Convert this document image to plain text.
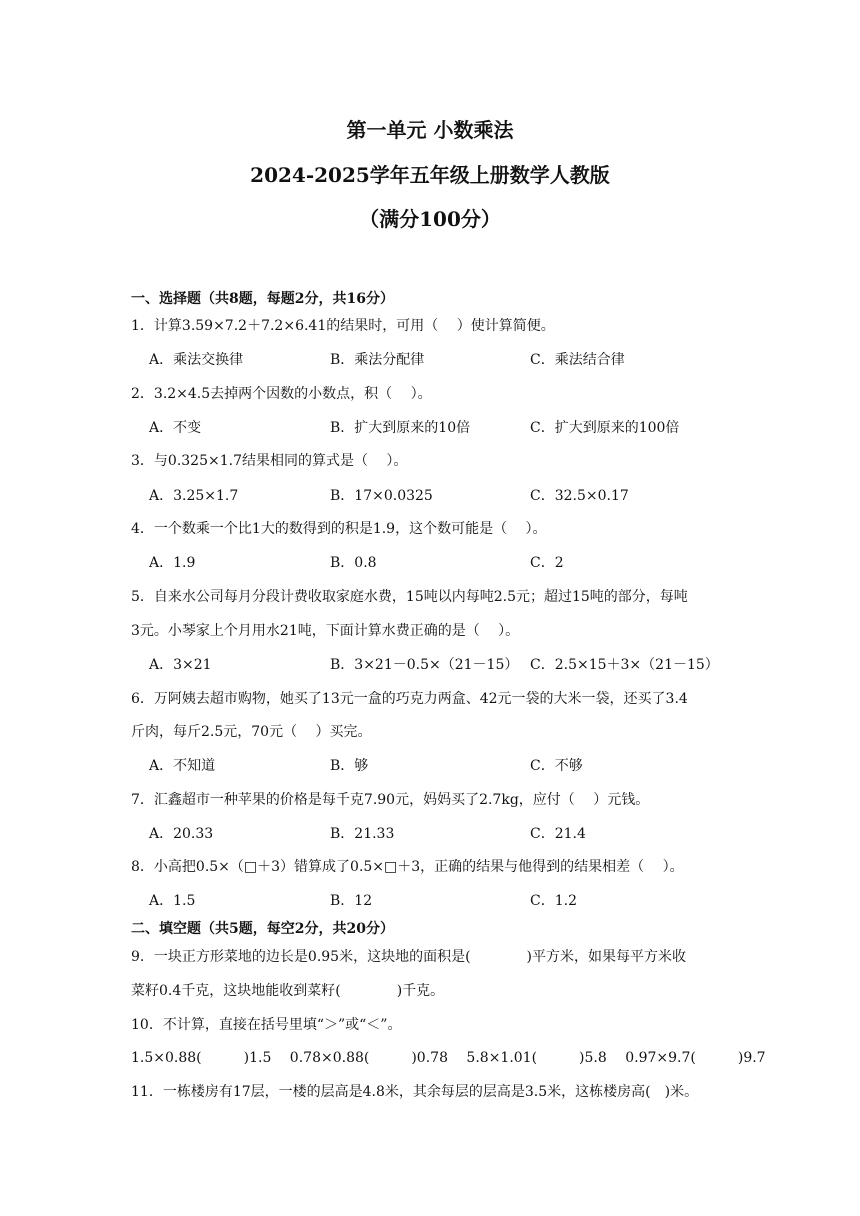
第一单元 小数乘法
2024-2025学年五年级上册数学人教版
（满分100分）
一、选择题（共8题，每题2分，共16分）
1．计算3.59×7.2＋7.2×6.41的结果时，可用（　 ）使计算简便。
A．乘法交换律	B．乘法分配律	C．乘法结合律
2．3.2×4.5去掉两个因数的小数点，积（　 ）。
A．不变	B．扩大到原来的10倍	C．扩大到原来的100倍
3．与0.325×1.7结果相同的算式是（　 ）。
A．3.25×1.7	B．17×0.0325	C．32.5×0.17
4．一个数乘一个比1大的数得到的积是1.9，这个数可能是（　 ）。
A．1.9	B．0.8	C．2
5．自来水公司每月分段计费收取家庭水费，15吨以内每吨2.5元；超过15吨的部分，每吨
3元。小琴家上个月用水21吨，下面计算水费正确的是（　 ）。
A．3×21	B．3×21－0.5×（21－15） C．2.5×15＋3×（21－15）
6．万阿姨去超市购物，她买了13元一盒的巧克力两盒、42元一袋的大米一袋，还买了3.4
斤肉，每斤2.5元，70元（　 ）买完。
A．不知道	B．够	C．不够
7．汇鑫超市一种苹果的价格是每千克7.90元，妈妈买了2.7kg，应付（　 ）元钱。
A．20.33	B．21.33	C．21.4
8．小高把0.5×（□＋3）错算成了0.5×□＋3，正确的结果与他得到的结果相差（　 ）。
A．1.5	B．12	C．1.2
二、填空题（共5题，每空2分，共20分）
9．一块正方形菜地的边长是0.95米，这块地的面积是(　　　　)平方米，如果每平方米收
菜籽0.4千克，这块地能收到菜籽(　　　　)千克。
10．不计算，直接在括号里填“＞”或“＜”。
1.5×0.88(　　　)1.5　 0.78×0.88(　　　)0.78　 5.8×1.01(　　　)5.8　 0.97×9.7(　　　)9.7
11．一栋楼房有17层，一楼的层高是4.8米，其余每层的层高是3.5米，这栋楼房高(　)米。
